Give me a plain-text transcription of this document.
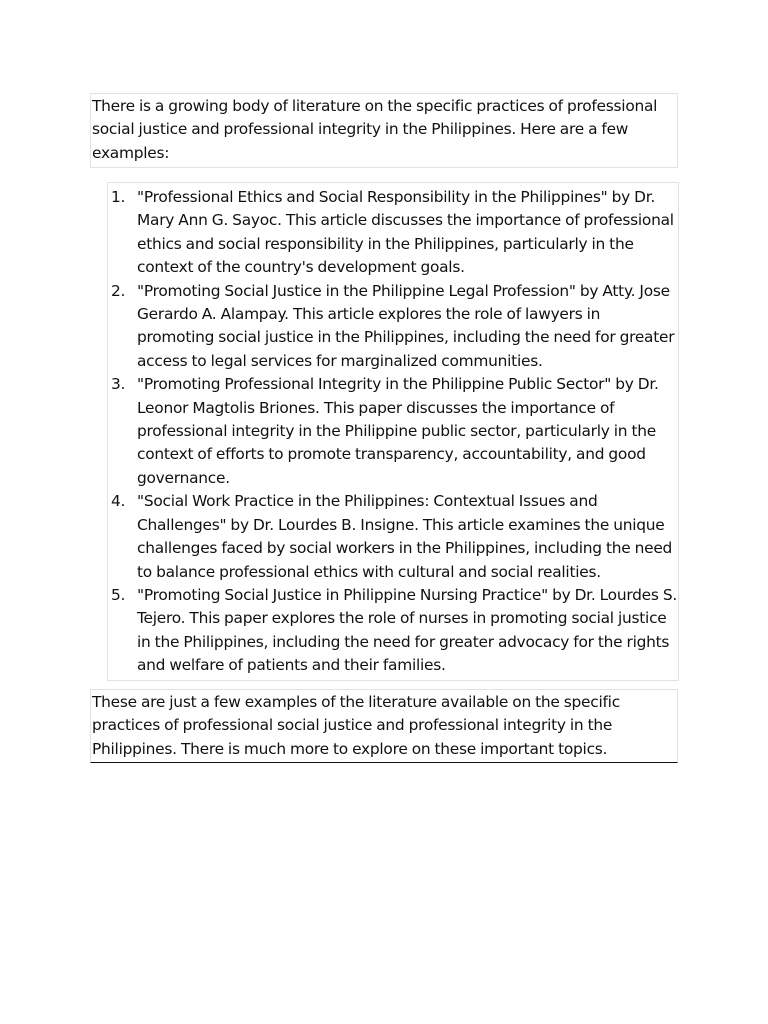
There is a growing body of literature on the specific practices of professional social justice and professional integrity in the Philippines. Here are a few examples:
1. "Professional Ethics and Social Responsibility in the Philippines" by Dr. Mary Ann G. Sayoc. This article discusses the importance of professional ethics and social responsibility in the Philippines, particularly in the context of the country's development goals.
2. "Promoting Social Justice in the Philippine Legal Profession" by Atty. Jose Gerardo A. Alampay. This article explores the role of lawyers in promoting social justice in the Philippines, including the need for greater access to legal services for marginalized communities.
3. "Promoting Professional Integrity in the Philippine Public Sector" by Dr. Leonor Magtolis Briones. This paper discusses the importance of professional integrity in the Philippine public sector, particularly in the context of efforts to promote transparency, accountability, and good governance.
4. "Social Work Practice in the Philippines: Contextual Issues and Challenges" by Dr. Lourdes B. Insigne. This article examines the unique challenges faced by social workers in the Philippines, including the need to balance professional ethics with cultural and social realities.
5. "Promoting Social Justice in Philippine Nursing Practice" by Dr. Lourdes S. Tejero. This paper explores the role of nurses in promoting social justice in the Philippines, including the need for greater advocacy for the rights and welfare of patients and their families.
These are just a few examples of the literature available on the specific practices of professional social justice and professional integrity in the Philippines. There is much more to explore on these important topics.
